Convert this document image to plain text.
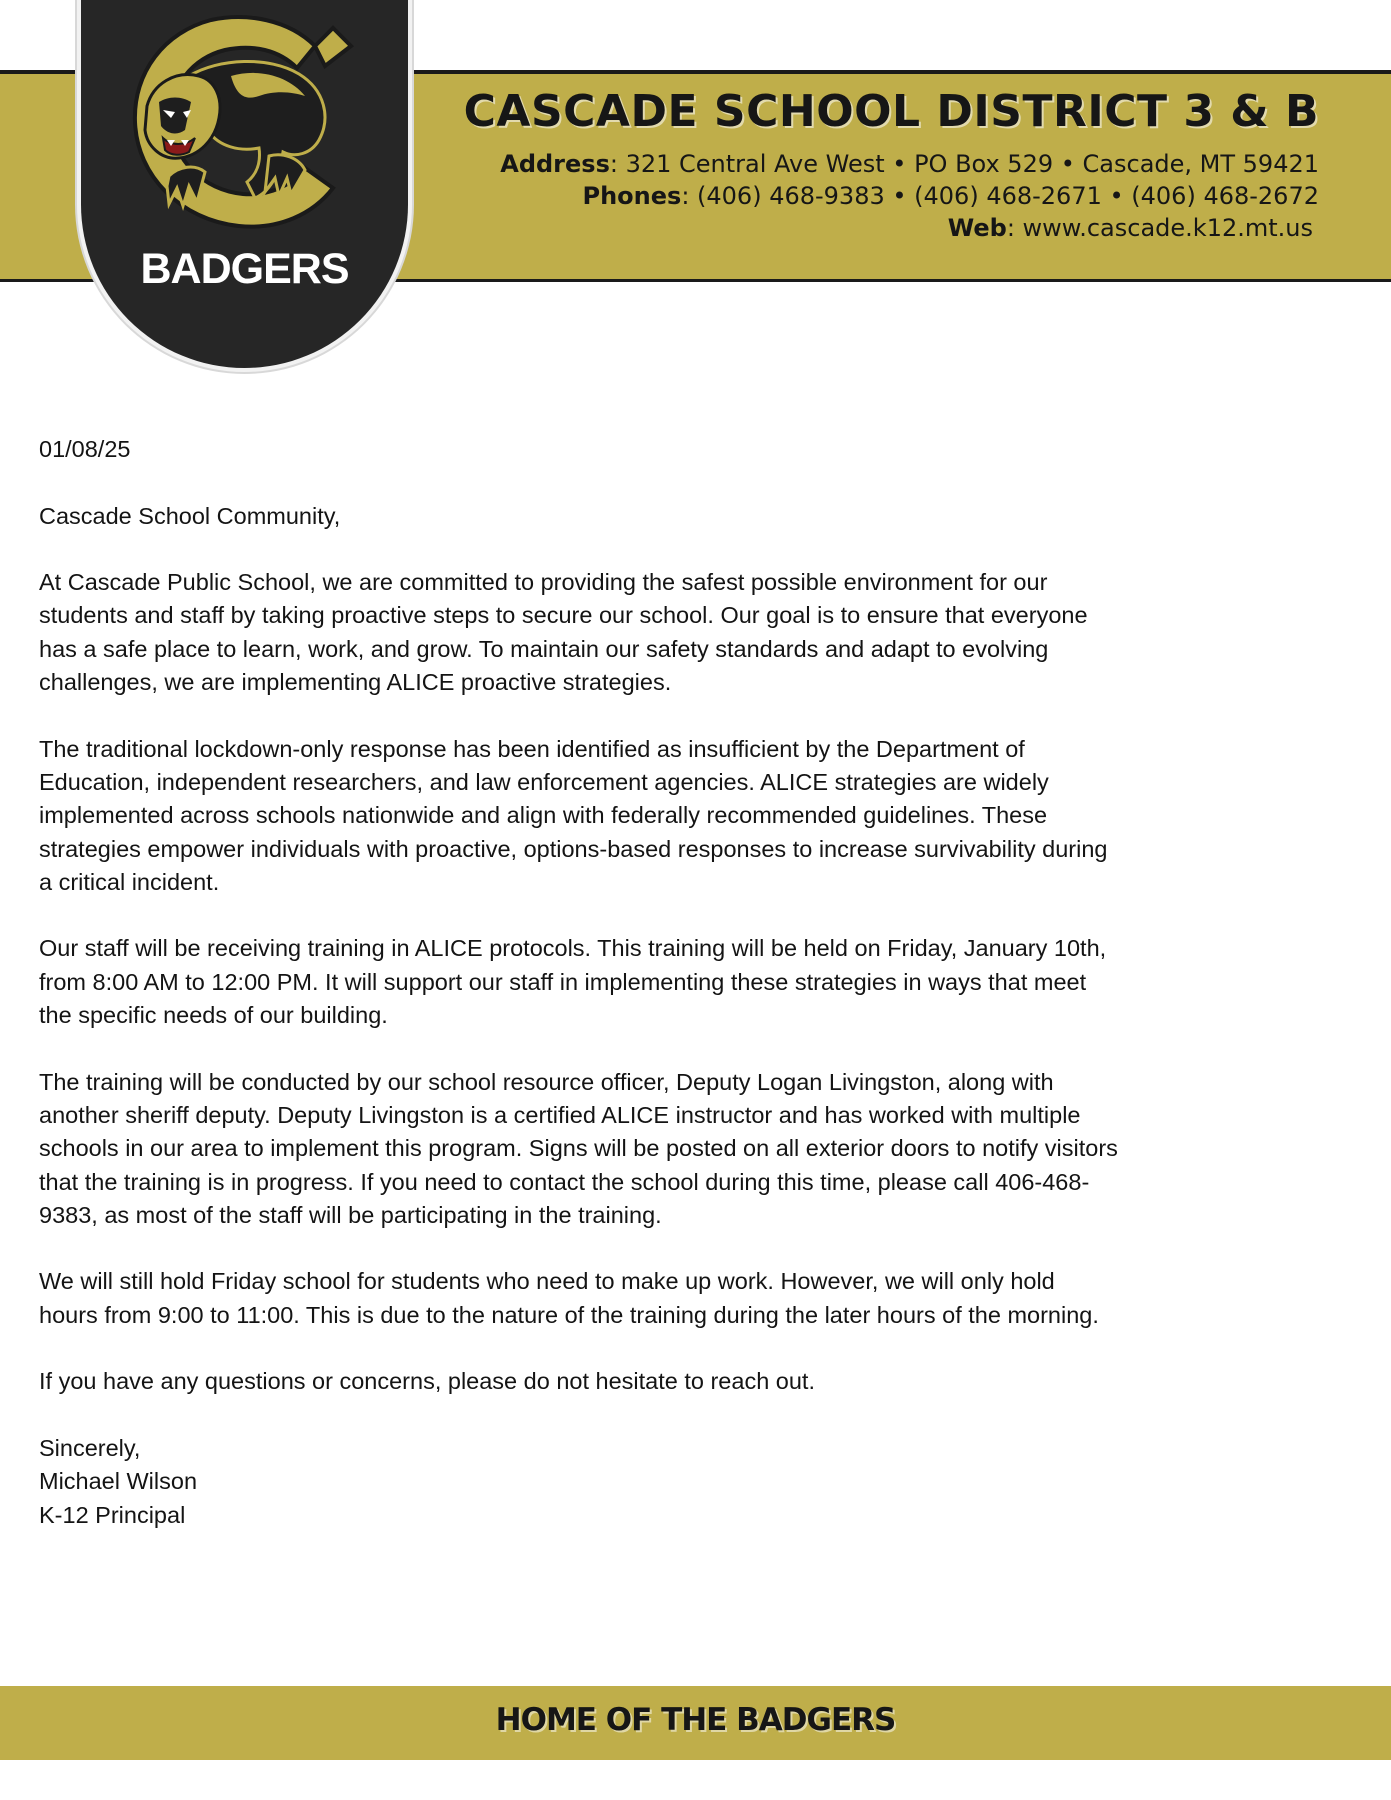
CASCADE SCHOOL DISTRICT 3 & B
Address: 321 Central Ave West • PO Box 529 • Cascade, MT 59421
Phones: (406) 468-9383 • (406) 468-2671 • (406) 468-2672
Web: www.cascade.k12.mt.us
BADGERS

01/08/25

Cascade School Community,

At Cascade Public School, we are committed to providing the safest possible environment for our students and staff by taking proactive steps to secure our school. Our goal is to ensure that everyone has a safe place to learn, work, and grow. To maintain our safety standards and adapt to evolving challenges, we are implementing ALICE proactive strategies.

The traditional lockdown-only response has been identified as insufficient by the Department of Education, independent researchers, and law enforcement agencies. ALICE strategies are widely implemented across schools nationwide and align with federally recommended guidelines. These strategies empower individuals with proactive, options-based responses to increase survivability during a critical incident.

Our staff will be receiving training in ALICE protocols. This training will be held on Friday, January 10th, from 8:00 AM to 12:00 PM. It will support our staff in implementing these strategies in ways that meet the specific needs of our building.

The training will be conducted by our school resource officer, Deputy Logan Livingston, along with another sheriff deputy. Deputy Livingston is a certified ALICE instructor and has worked with multiple schools in our area to implement this program. Signs will be posted on all exterior doors to notify visitors that the training is in progress. If you need to contact the school during this time, please call 406-468-9383, as most of the staff will be participating in the training.

We will still hold Friday school for students who need to make up work. However, we will only hold hours from 9:00 to 11:00. This is due to the nature of the training during the later hours of the morning.

If you have any questions or concerns, please do not hesitate to reach out.

Sincerely,

Michael Wilson

K-12 Principal

HOME OF THE BADGERS
